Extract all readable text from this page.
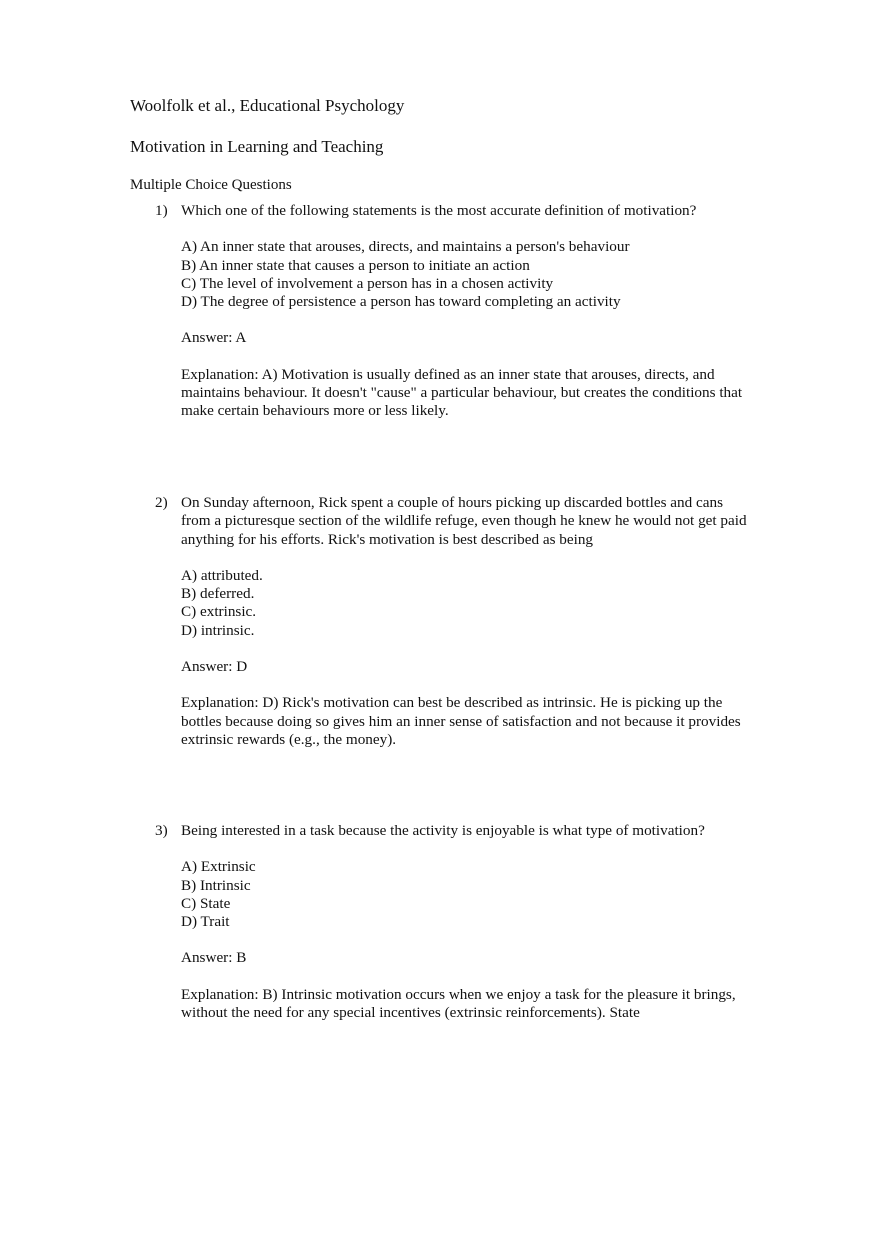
Woolfolk et al., Educational Psychology
Motivation in Learning and Teaching
Multiple Choice Questions
1) Which one of the following statements is the most accurate definition of motivation?

A) An inner state that arouses, directs, and maintains a person's behaviour
B) An inner state that causes a person to initiate an action
C) The level of involvement a person has in a chosen activity
D) The degree of persistence a person has toward completing an activity

Answer: A

Explanation: A) Motivation is usually defined as an inner state that arouses, directs, and maintains behaviour. It doesn't "cause" a particular behaviour, but creates the conditions that make certain behaviours more or less likely.

2) On Sunday afternoon, Rick spent a couple of hours picking up discarded bottles and cans from a picturesque section of the wildlife refuge, even though he knew he would not get paid anything for his efforts. Rick's motivation is best described as being

A) attributed.
B) deferred.
C) extrinsic.
D) intrinsic.

Answer: D

Explanation: D) Rick's motivation can best be described as intrinsic. He is picking up the bottles because doing so gives him an inner sense of satisfaction and not because it provides extrinsic rewards (e.g., the money).

3) Being interested in a task because the activity is enjoyable is what type of motivation?

A) Extrinsic
B) Intrinsic
C) State
D) Trait

Answer: B

Explanation: B) Intrinsic motivation occurs when we enjoy a task for the pleasure it brings, without the need for any special incentives (extrinsic reinforcements). State
